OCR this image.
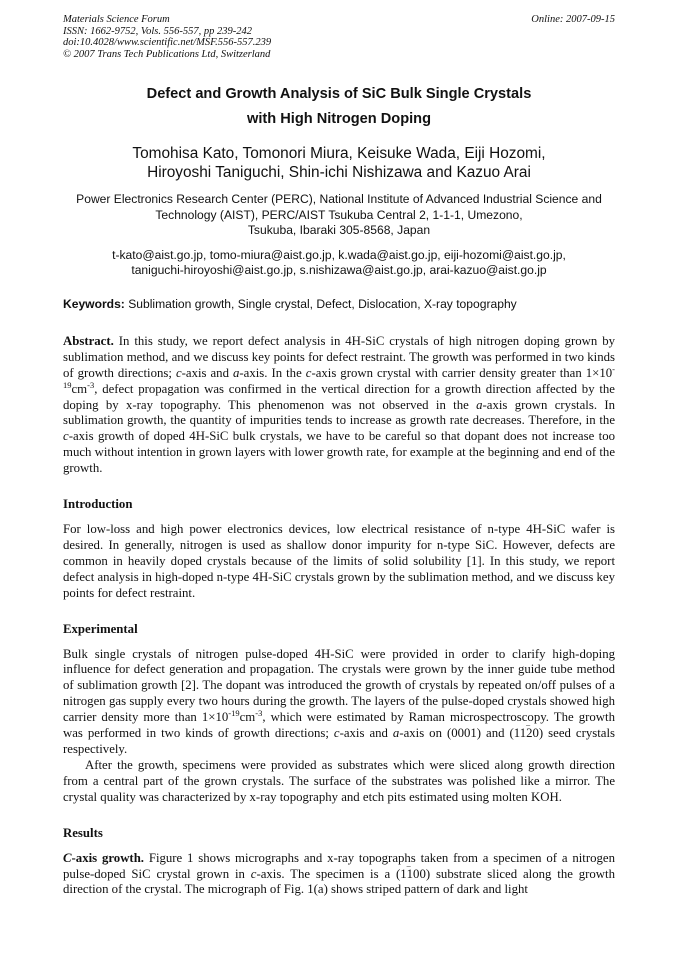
Materials Science Forum
ISSN: 1662-9752, Vols. 556-557, pp 239-242
doi:10.4028/www.scientific.net/MSF.556-557.239
© 2007 Trans Tech Publications Ltd, Switzerland
Online: 2007-09-15
Defect and Growth Analysis of SiC Bulk Single Crystals
with High Nitrogen Doping
Tomohisa Kato, Tomonori Miura, Keisuke Wada, Eiji Hozomi,
Hiroyoshi Taniguchi, Shin-ichi Nishizawa and Kazuo Arai
Power Electronics Research Center (PERC), National Institute of Advanced Industrial Science and
Technology (AIST), PERC/AIST Tsukuba Central 2, 1-1-1, Umezono,
Tsukuba, Ibaraki 305-8568, Japan
t-kato@aist.go.jp, tomo-miura@aist.go.jp, k.wada@aist.go.jp, eiji-hozomi@aist.go.jp,
taniguchi-hiroyoshi@aist.go.jp, s.nishizawa@aist.go.jp, arai-kazuo@aist.go.jp
Keywords: Sublimation growth, Single crystal, Defect, Dislocation, X-ray topography

Abstract. In this study, we report defect analysis in 4H-SiC crystals of high nitrogen doping grown by sublimation method, and we discuss key points for defect restraint. The growth was performed in two kinds of growth directions; c-axis and a-axis. In the c-axis grown crystal with carrier density greater than $1\times 10^{-19}cm^{-3}$, defect propagation was confirmed in the vertical direction for a growth direction affected by the doping by x-ray topography. This phenomenon was not observed in the a-axis grown crystals. In sublimation growth, the quantity of impurities tends to increase as growth rate decreases. Therefore, in the c-axis growth of doped 4H-SiC bulk crystals, we have to be careful so that dopant does not increase too much without intention in grown layers with lower growth rate, for example at the beginning and end of the growth.

Introduction

For low-loss and high power electronics devices, low electrical resistance of n-type 4H-SiC wafer is desired. In generally, nitrogen is used as shallow donor impurity for n-type SiC. However, defects are common in heavily doped crystals because of the limits of solid solubility [1]. In this study, we report defect analysis in high-doped n-type 4H-SiC crystals grown by the sublimation method, and we discuss key points for defect restraint.

Experimental

Bulk single crystals of nitrogen pulse-doped 4H-SiC were provided in order to clarify high-doping influence for defect generation and propagation. The crystals were grown by the inner guide tube method of sublimation growth [2]. The dopant was introduced the growth of crystals by repeated on/off pulses of a nitrogen gas supply every two hours during the growth. The layers of the pulse-doped crystals showed high carrier density more than $1\times 10^{-19}cm^{-3}$, which were estimated by Raman microspectroscopy. The growth was performed in two kinds of growth directions; c-axis and a-axis on (0001) and (11– 20) seed crystals respectively.

After the growth, specimens were provided as substrates which were sliced along growth direction from a central part of the grown crystals. The surface of the substrates was polished like a mirror. The crystal quality was characterized by x-ray topography and etch pits estimated using molten KOH.

Results

C-axis growth. Figure 1 shows micrographs and x-ray topographs taken from a specimen of a nitrogen pulse-doped SiC crystal grown in c-axis. The specimen is a (1– 100) substrate sliced along the growth direction of the crystal. The micrograph of Fig. 1(a) shows striped pattern of dark and light
